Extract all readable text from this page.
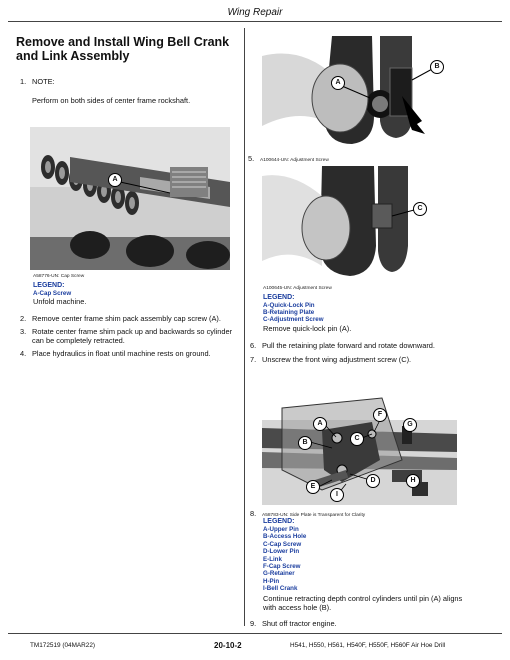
Wing Repair
Remove and Install Wing Bell Crank and Link Assembly
1. NOTE:
Perform on both sides of center frame rockshaft.
A
A58776-UN: Cap Screw
LEGEND:
A-Cap Screw
Unfold machine.
2. Remove center frame shim pack assembly cap screw (A).
3. Rotate center frame shim pack up and backwards so cylinder
can be completely retracted.
4. Place hydraulics in float until machine rests on ground.
A
B
5. A100644-UN: Adjustment Screw
C
A100645-UN: Adjustment Screw
LEGEND:
A-Quick-Lock Pin
B-Retaining Plate
C-Adjustment Screw
Remove quick-lock pin (A).
6. Pull the retaining plate forward and rotate downward.
7. Unscrew the front wing adjustment screw (C).
A
B
C
D
E
F
G
H
I
8. A58783-UN: Side Plate is Transparent for Clarity
LEGEND:
A-Upper Pin
B-Access Hole
C-Cap Screw
D-Lower Pin
E-Link
F-Cap Screw
G-Retainer
H-Pin
I-Bell Crank
Continue retracting depth control cylinders until pin (A) aligns
with access hole (B).
9. Shut off tractor engine.
TM172519 (04MAR22)	20-10-2	H541, H550, H561, H540F, H550F, H560F Air Hoe Drill
